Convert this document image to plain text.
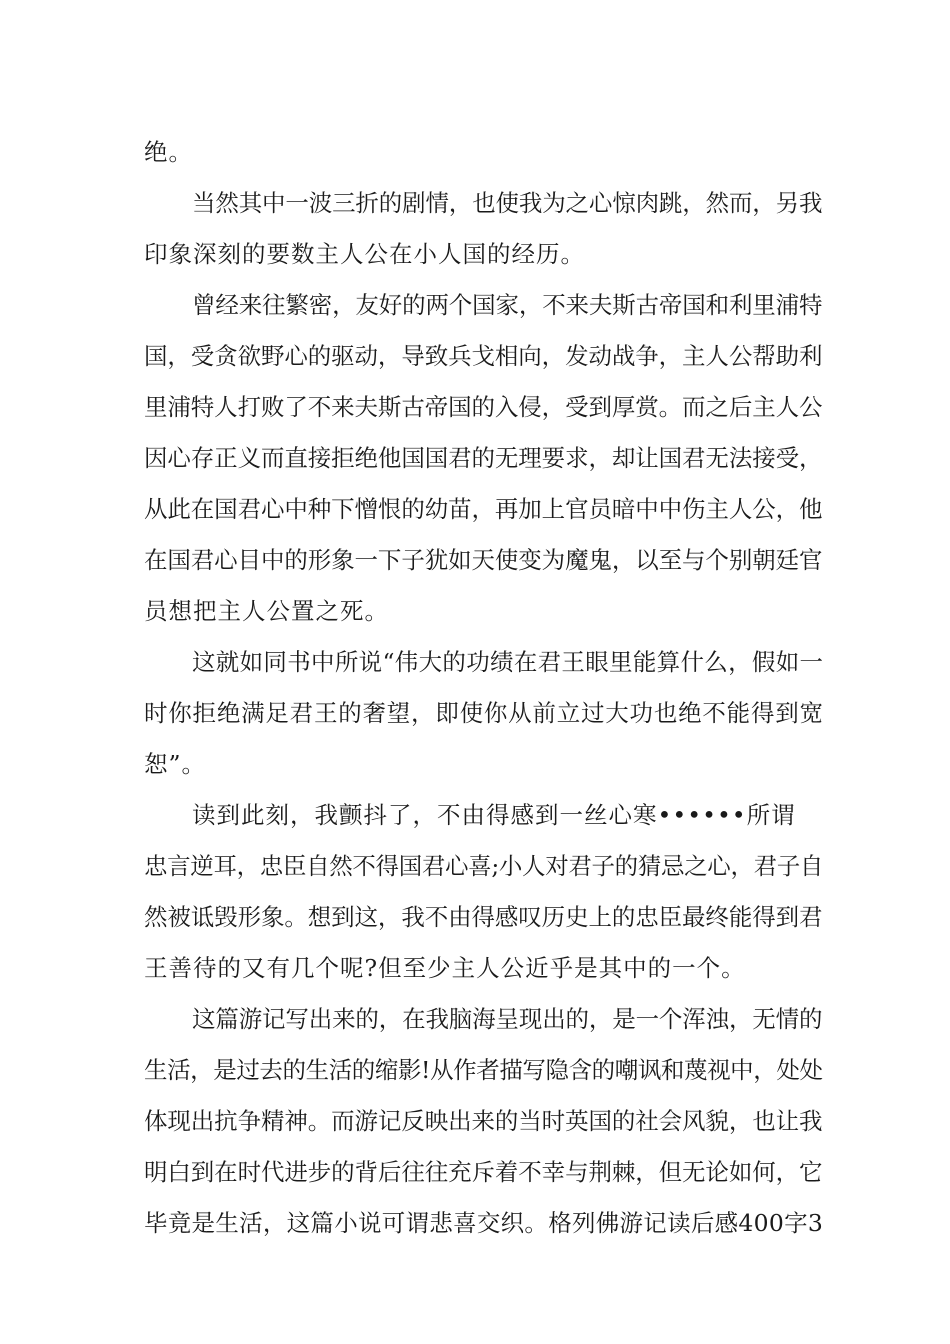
绝。
当然其中一波三折的剧情，也使我为之心惊肉跳，然而，另我
印象深刻的要数主人公在小人国的经历。
曾经来往繁密，友好的两个国家，不来夫斯古帝国和利里浦特
国，受贪欲野心的驱动，导致兵戈相向，发动战争，主人公帮助利
里浦特人打败了不来夫斯古帝国的入侵，受到厚赏。而之后主人公
因心存正义而直接拒绝他国国君的无理要求，却让国君无法接受，
从此在国君心中种下憎恨的幼苗，再加上官员暗中中伤主人公，他
在国君心目中的形象一下子犹如天使变为魔鬼，以至与个别朝廷官
员想把主人公置之死。
这就如同书中所说“伟大的功绩在君王眼里能算什么，假如一
时你拒绝满足君王的奢望，即使你从前立过大功也绝不能得到宽
恕”。
读到此刻，我颤抖了，不由得感到一丝心寒••••••所谓
忠言逆耳，忠臣自然不得国君心喜;小人对君子的猜忌之心，君子自
然被诋毁形象。想到这，我不由得感叹历史上的忠臣最终能得到君
王善待的又有几个呢?但至少主人公近乎是其中的一个。
这篇游记写出来的，在我脑海呈现出的，是一个浑浊，无情的
生活，是过去的生活的缩影!从作者描写隐含的嘲讽和蔑视中，处处
体现出抗争精神。而游记反映出来的当时英国的社会风貌，也让我
明白到在时代进步的背后往往充斥着不幸与荆棘，但无论如何，它
毕竟是生活，这篇小说可谓悲喜交织。格列佛游记读后感400字3
